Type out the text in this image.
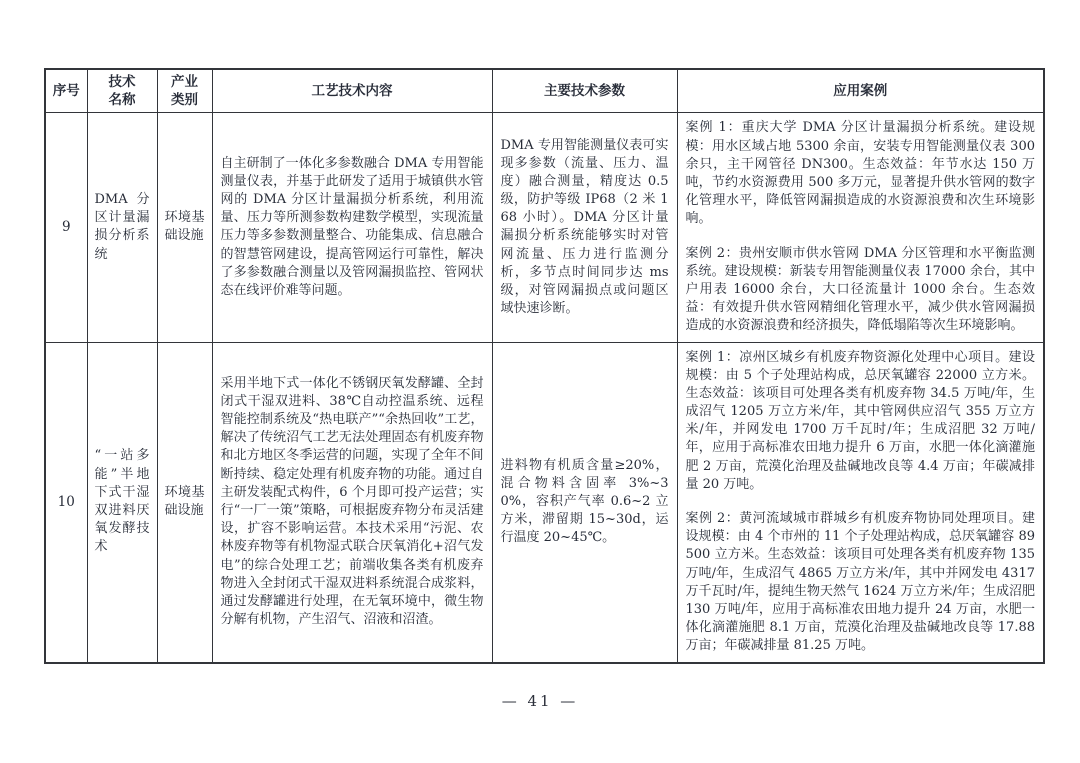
序号	技术名称	产业类别	工艺技术内容	主要技术参数	应用案例
9	DMA 分区计量漏损分析系统	环境基础设施	自主研制了一体化多参数融合 DMA 专用智能测量仪表，并基于此研发了适用于城镇供水管网的 DMA 分区计量漏损分析系统，利用流量、压力等所测参数构建数学模型，实现流量压力等多参数测量整合、功能集成、信息融合的智慧管网建设，提高管网运行可靠性，解决了多参数融合测量以及管网漏损监控、管网状态在线评价难等问题。	DMA 专用智能测量仪表可实现多参数（流量、压力、温度）融合测量，精度达 0.5 级，防护等级 IP68（2 米 168 小时）。DMA 分区计量漏损分析系统能够实时对管网流量、压力进行监测分析，多节点时间同步达 ms 级，对管网漏损点或问题区域快速诊断。	案例 1：重庆大学 DMA 分区计量漏损分析系统。建设规模：用水区域占地 5300 余亩，安装专用智能测量仪表 300 余只，主干网管径 DN300。生态效益：年节水达 150 万吨，节约水资源费用 500 多万元，显著提升供水管网的数字化管理水平，降低管网漏损造成的水资源浪费和次生环境影响。

案例 2：贵州安顺市供水管网 DMA 分区管理和水平衡监测系统。建设规模：新装专用智能测量仪表 17000 余台，其中户用表 16000 余台，大口径流量计 1000 余台。生态效益：有效提升供水管网精细化管理水平，减少供水管网漏损造成的水资源浪费和经济损失，降低塌陷等次生环境影响。

10	“一站多能”半地下式干湿双进料厌氧发酵技术	环境基础设施	采用半地下式一体化不锈钢厌氧发酵罐、全封闭式干湿双进料、38℃自动控温系统、远程智能控制系统及“热电联产”“余热回收”工艺，解决了传统沼气工艺无法处理固态有机废弃物和北方地区冬季运营的问题，实现了全年不间断持续、稳定处理有机废弃物的功能。通过自主研发装配式构件，6 个月即可投产运营；实行“一厂一策”策略，可根据废弃物分布灵活建设，扩容不影响运营。本技术采用“污泥、农林废弃物等有机物湿式联合厌氧消化+沼气发电”的综合处理工艺；前端收集各类有机废弃物进入全封闭式干湿双进料系统混合成浆料，通过发酵罐进行处理，在无氧环境中，微生物分解有机物，产生沼气、沼液和沼渣。	进料物有机质含量≥20%，混合物料含固率 3%~30%，容积产气率 0.6~2 立方米，滞留期 15~30d，运行温度 20~45℃。	

案例 1：凉州区城乡有机废弃物资源化处理中心项目。建设规模：由 5 个子处理站构成，总厌氧罐容 22000 立方米。生态效益：该项目可处理各类有机废弃物 34.5 万吨/年，生成沼气 1205 万立方米/年，其中管网供应沼气 355 万立方米/年，并网发电 1700 万千瓦时/年；生成沼肥 32 万吨/年，应用于高标准农田地力提升 6 万亩，水肥一体化滴灌施肥 2 万亩，荒漠化治理及盐碱地改良等 4.4 万亩；年碳减排量 20 万吨。

案例 2：黄河流域城市群城乡有机废弃物协同处理项目。建设规模：由 4 个市州的 11 个子处理站构成，总厌氧罐容 89500 立方米。生态效益：该项目可处理各类有机废弃物 135 万吨/年，生成沼气 4865 万立方米/年，其中并网发电 4317 万千瓦时/年，提纯生物天然气 1624 万立方米/年；生成沼肥 130 万吨/年，应用于高标准农田地力提升 24 万亩，水肥一体化滴灌施肥 8.1 万亩，荒漠化治理及盐碱地改良等 17.88 万亩；年碳减排量 81.25 万吨。

— 41 —
